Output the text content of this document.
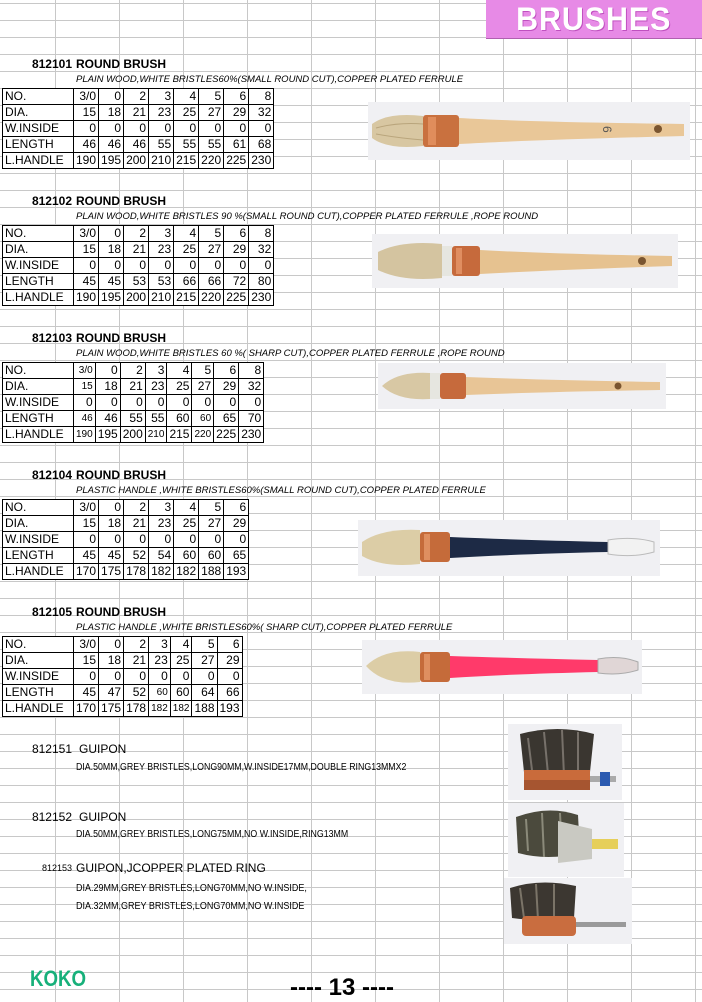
BRUSHES
812101 ROUND BRUSH
PLAIN WOOD,WHITE BRISTLES60%(SMALL ROUND CUT),COPPER PLATED FERRULE
NO.	3/0	0	2	3	4	5	6	8
DIA.	15	18	21	23	25	27	29	32
W.INSIDE	0	0	0	0	0	0	0	0
LENGTH	46	46	46	55	55	55	61	68
L.HANDLE	190	195	200	210	215	220	225	230
6
812102 ROUND BRUSH
PLAIN WOOD,WHITE BRISTLES 90 %(SMALL ROUND CUT),COPPER PLATED FERRULE ,ROPE ROUND
NO.	3/0	0	2	3	4	5	6	8
DIA.	15	18	21	23	25	27	29	32
W.INSIDE	0	0	0	0	0	0	0	0
LENGTH	45	45	53	53	66	66	72	80
L.HANDLE	190	195	200	210	215	220	225	230
812103 ROUND BRUSH
PLAIN WOOD,WHITE BRISTLES 60 %( SHARP CUT),COPPER PLATED FERRULE ,ROPE ROUND
NO.	3/0	0	2	3	4	5	6	8
DIA.	15	18	21	23	25	27	29	32
W.INSIDE	0	0	0	0	0	0	0	0
LENGTH	46	46	55	55	60	60	65	70
L.HANDLE	190	195	200	210	215	220	225	230
812104 ROUND BRUSH
PLASTIC HANDLE ,WHITE BRISTLES60%(SMALL ROUND CUT),COPPER PLATED FERRULE
NO.	3/0	0	2	3	4	5	6
DIA.	15	18	21	23	25	27	29
W.INSIDE	0	0	0	0	0	0	0
LENGTH	45	45	52	54	60	60	65
L.HANDLE	170	175	178	182	182	188	193
812105 ROUND BRUSH
PLASTIC HANDLE ,WHITE BRISTLES60%( SHARP CUT),COPPER PLATED FERRULE
NO.	3/0	0	2	3	4	5	6
DIA.	15	18	21	23	25	27	29
W.INSIDE	0	0	0	0	0	0	0
LENGTH	45	47	52	60	60	64	66
L.HANDLE	170	175	178	182	182	188	193
812151 GUIPON
DIA.50MM,GREY BRISTLES,LONG90MM,W.INSIDE17MM,DOUBLE RING13MMX2
812152 GUIPON
DIA.50MM,GREY BRISTLES,LONG75MM,NO W.INSIDE,RING13MM
812153 GUIPON,JCOPPER PLATED RING
DIA.29MM,GREY BRISTLES,LONG70MM,NO W.INSIDE,
DIA.32MM,GREY BRISTLES,LONG70MM,NO W.INSIDE
KOKO	---- 13 ----
